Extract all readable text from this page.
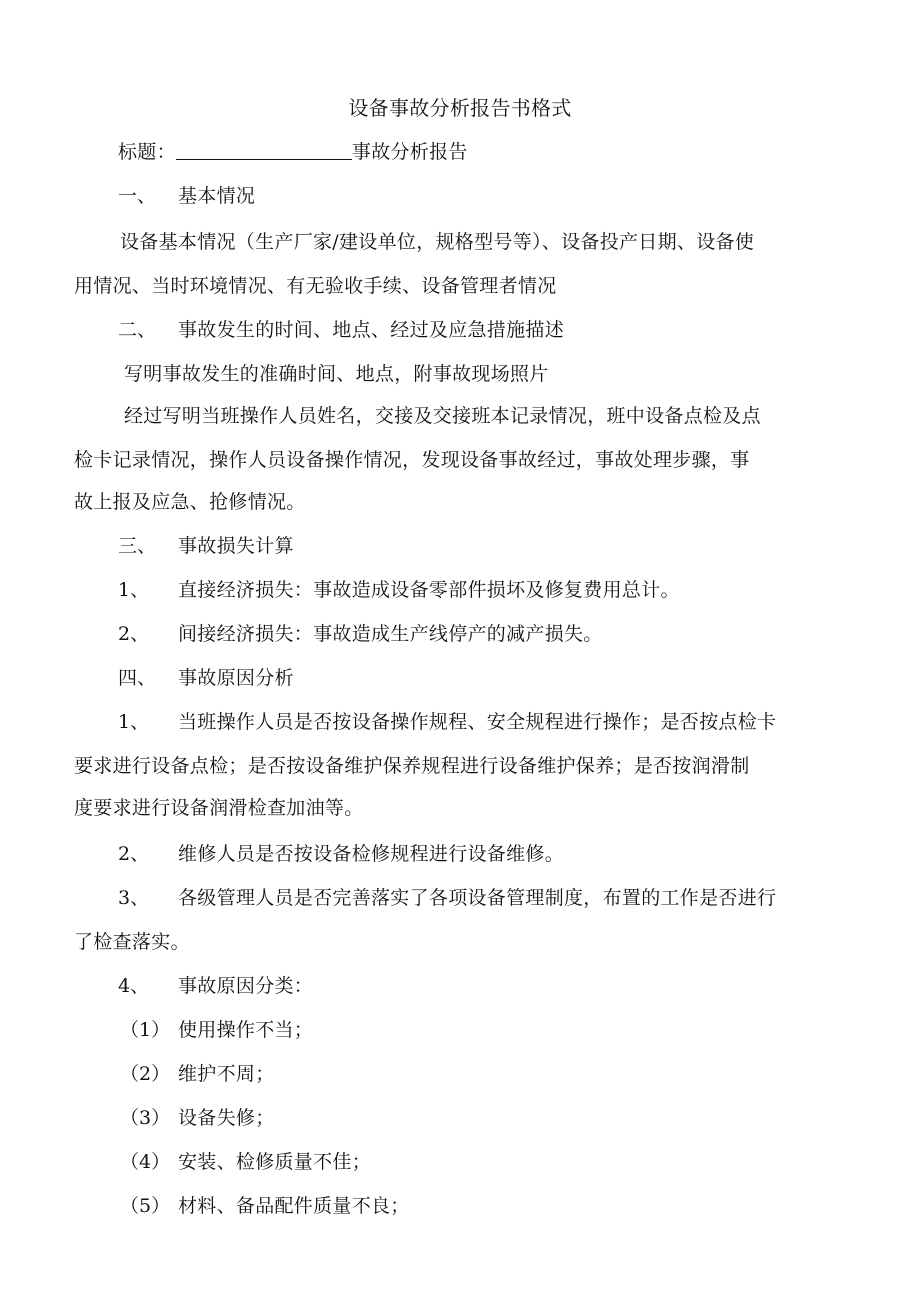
设备事故分析报告书格式
标题：	事故分析报告
一、 基本情况
设备基本情况（生产厂家/建设单位，规格型号等）、设备投产日期、设备使
用情况、当时环境情况、有无验收手续、设备管理者情况
二、 事故发生的时间、地点、经过及应急措施描述
写明事故发生的准确时间、地点，附事故现场照片
经过写明当班操作人员姓名，交接及交接班本记录情况，班中设备点检及点
检卡记录情况，操作人员设备操作情况，发现设备事故经过，事故处理步骤，事
故上报及应急、抢修情况。
三、 事故损失计算
1、 直接经济损失：事故造成设备零部件损坏及修复费用总计。
2、 间接经济损失：事故造成生产线停产的减产损失。
四、 事故原因分析
1、 当班操作人员是否按设备操作规程、安全规程进行操作；是否按点检卡
要求进行设备点检；是否按设备维护保养规程进行设备维护保养；是否按润滑制
度要求进行设备润滑检查加油等。
2、 维修人员是否按设备检修规程进行设备维修。
3、 各级管理人员是否完善落实了各项设备管理制度，布置的工作是否进行
了检查落实。
4、 事故原因分类：
（1） 使用操作不当；
（2） 维护不周；
（3） 设备失修；
（4） 安装、检修质量不佳；
（5） 材料、备品配件质量不良；
